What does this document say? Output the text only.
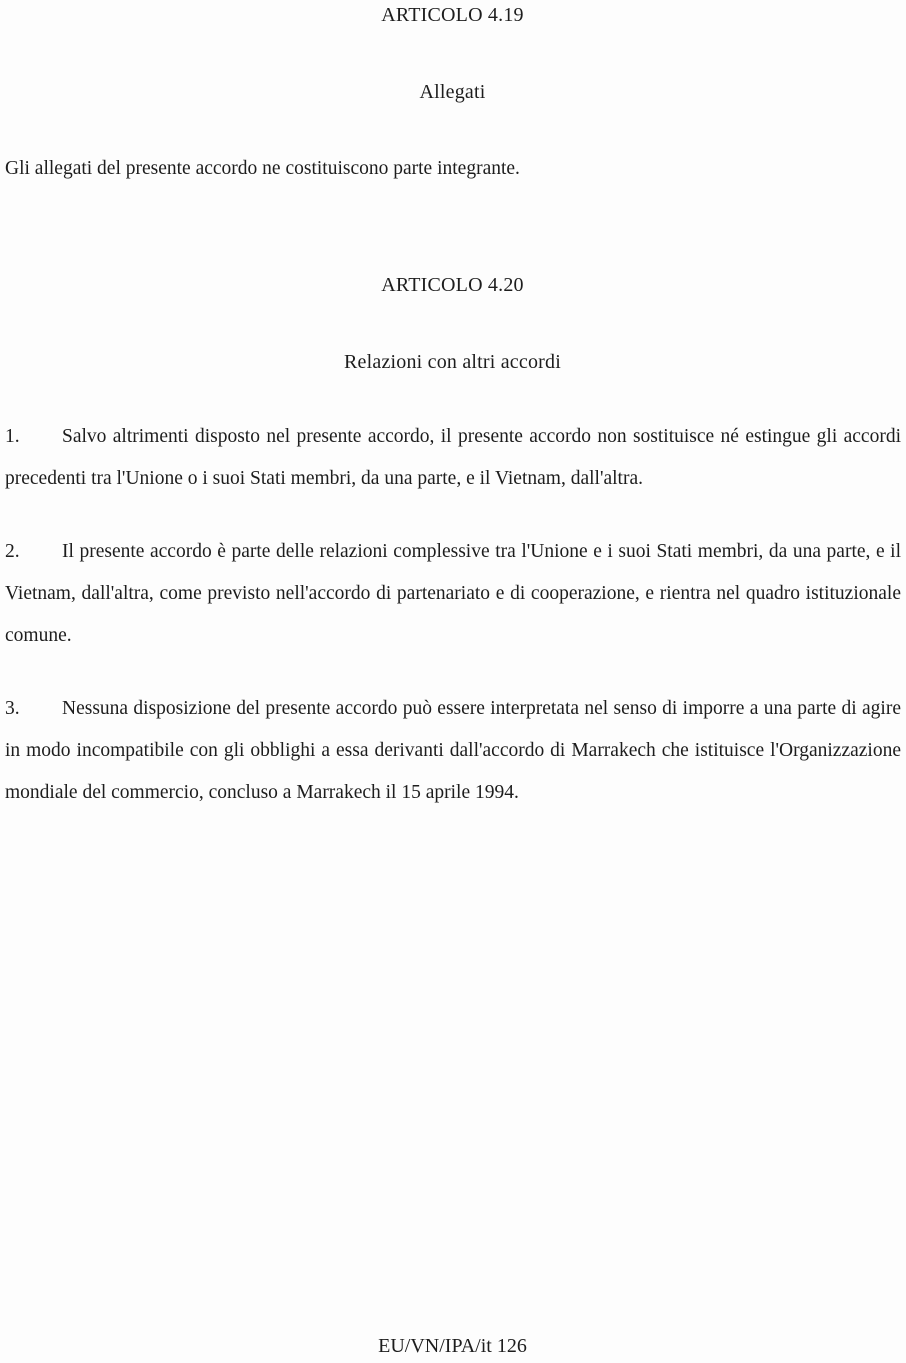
ARTICOLO 4.19
Allegati

Gli allegati del presente accordo ne costituiscono parte integrante.

ARTICOLO 4.20
Relazioni con altri accordi

1. Salvo altrimenti disposto nel presente accordo, il presente accordo non sostituisce né estingue gli accordi precedenti tra l'Unione o i suoi Stati membri, da una parte, e il Vietnam, dall'altra.

2. Il presente accordo è parte delle relazioni complessive tra l'Unione e i suoi Stati membri, da una parte, e il Vietnam, dall'altra, come previsto nell'accordo di partenariato e di cooperazione, e rientra nel quadro istituzionale comune.

3. Nessuna disposizione del presente accordo può essere interpretata nel senso di imporre a una parte di agire in modo incompatibile con gli obblighi a essa derivanti dall'accordo di Marrakech che istituisce l'Organizzazione mondiale del commercio, concluso a Marrakech il 15 aprile 1994.

EU/VN/IPA/it 126
